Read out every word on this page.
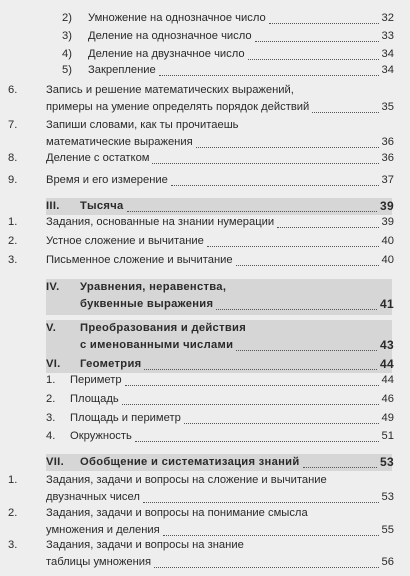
2) Умножение на однозначное число	32
3) Деление на однозначное число	33
4) Деление на двузначное число	34
5) Закрепление	34
6.	Запись и решение математических выражений,
примеры на умение определять порядок действий	35
7.	Запиши словами, как ты прочитаешь
математические выражения	36
8.	Деление с остатком	36
9.	Время и его измерение	37
III. Тысяча	39
1.	Задания, основанные на знании нумерации	39
2.	Устное сложение и вычитание	40
3.	Письменное сложение и вычитание	40
IV. Уравнения, неравенства,
буквенные выражения	41
V. Преобразования и действия
с именованными числами	43
VI. Геометрия	44
1. Периметр	44
2. Площадь	46
3. Площадь и периметр	49
4. Окружность	51
VII. Обобщение и систематизация знаний	53
1.	Задания, задачи и вопросы на сложение и вычитание
двузначных чисел	53
2.	Задания, задачи и вопросы на понимание смысла
умножения и деления	55
3.	Задания, задачи и вопросы на знание
таблицы умножения	56
